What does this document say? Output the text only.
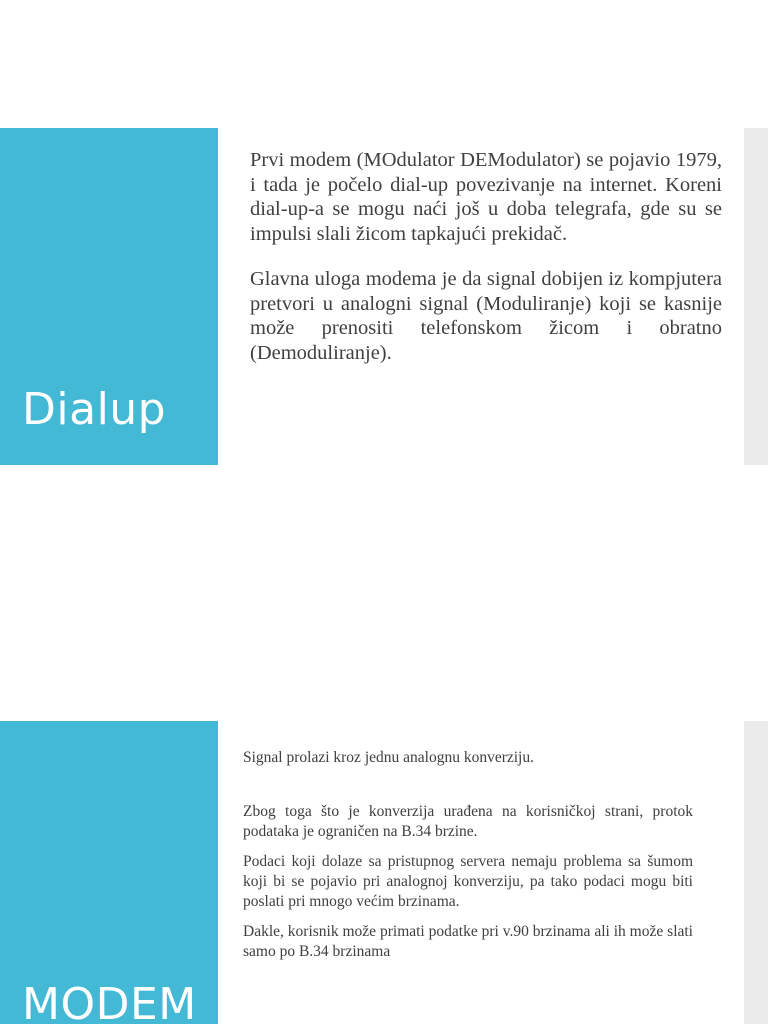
Dialup

Prvi modem (MOdulator DEModulator) se pojavio 1979, i tada je počelo dial-up povezivanje na internet. Koreni dial-up-a se mogu naći još u doba telegrafa, gde su se impulsi slali žicom tapkajući prekidač.

Glavna uloga modema je da signal dobijen iz kompjutera pretvori u analogni signal (Moduliranje) koji se kasnije može prenositi telefonskom žicom i obratno (Demoduliranje).

MODEM

Signal prolazi kroz jednu analognu konverziju.

Zbog toga što je konverzija urađena na korisničkoj strani, protok podataka je ograničen na B.34 brzine.

Podaci koji dolaze sa pristupnog servera nemaju problema sa šumom koji bi se pojavio pri analognoj konverziju, pa tako podaci mogu biti poslati pri mnogo većim brzinama.

Dakle, korisnik može primati podatke pri v.90 brzinama ali ih može slati samo po B.34 brzinama
